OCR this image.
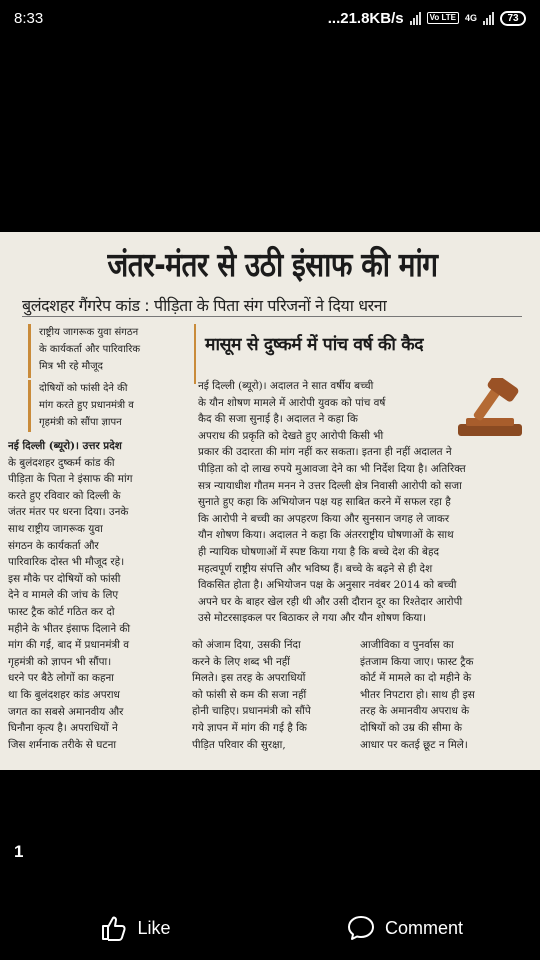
8:33	...21.8KB/s	Vo LTE	4G	73
जंतर-मंतर से उठी इंसाफ की मांग
बुलंदशहर गैंगरेप कांड : पीड़िता के पिता संग परिजनों ने दिया धरना
राष्ट्रीय जागरूक युवा संगठन
के कार्यकर्ता और पारिवारिक
मित्र भी रहे मौजूद
दोषियों को फांसी देने की
मांग करते हुए प्रधानमंत्री व
गृहमंत्री को सौंपा ज्ञापन
मासूम से दुष्कर्म में पांच वर्ष की कैद
नई दिल्ली (ब्यूरो)। उत्तर प्रदेश
के बुलंदशहर दुष्कर्म कांड की
पीड़िता के पिता ने इंसाफ की मांग
करते हुए रविवार को दिल्ली के
जंतर मंतर पर धरना दिया। उनके
साथ राष्ट्रीय जागरूक युवा
संगठन के कार्यकर्ता और
पारिवारिक दोस्त भी मौजूद रहे।
इस मौके पर दोषियों को फांसी
देने व मामले की जांच के लिए
फास्ट ट्रैक कोर्ट गठित कर दो
महीने के भीतर इंसाफ दिलाने की
मांग की गई, बाद में प्रधानमंत्री व
गृहमंत्री को ज्ञापन भी सौंपा।
धरने पर बैठे लोगों का कहना
था कि बुलंदशहर कांड अपराध
जगत का सबसे अमानवीय और
घिनौना कृत्य है। अपराधियों ने
जिस शर्मनाक तरीके से घटना
नई दिल्ली (ब्यूरो)। अदालत ने सात वर्षीय बच्ची
के यौन शोषण मामले में आरोपी युवक को पांच वर्ष
कैद की सजा सुनाई है। अदालत ने कहा कि
अपराध की प्रकृति को देखते हुए आरोपी किसी भी
प्रकार की उदारता की मांग नहीं कर सकता। इतना ही नहीं अदालत ने
पीड़िता को दो लाख रुपये मुआवजा देने का भी निर्देश दिया है। अतिरिक्त
सत्र न्यायाधीश गौतम मनन ने उत्तर दिल्ली क्षेत्र निवासी आरोपी को सजा
सुनाते हुए कहा कि अभियोजन पक्ष यह साबित करने में सफल रहा है
कि आरोपी ने बच्ची का अपहरण किया और सुनसान जगह ले जाकर
यौन शोषण किया। अदालत ने कहा कि अंतरराष्ट्रीय घोषणाओं के साथ
ही न्यायिक घोषणाओं में स्पष्ट किया गया है कि बच्चे देश की बेहद
महत्वपूर्ण राष्ट्रीय संपत्ति और भविष्य हैं। बच्चे के बढ़ने से ही देश
विकसित होता है। अभियोजन पक्ष के अनुसार नवंबर 2014 को बच्ची
अपने घर के बाहर खेल रही थी और उसी दौरान दूर का रिश्तेदार आरोपी
उसे मोटरसाइकल पर बिठाकर ले गया और यौन शोषण किया।
को अंजाम दिया, उसकी निंदा
करने के लिए शब्द भी नहीं
मिलते। इस तरह के अपराधियों
को फांसी से कम की सजा नहीं
होनी चाहिए। प्रधानमंत्री को सौंपे
गये ज्ञापन में मांग की गई है कि
पीड़ित परिवार की सुरक्षा,
आजीविका व पुनर्वास का
इंतजाम किया जाए। फास्ट ट्रैक
कोर्ट में मामले का दो महीने के
भीतर निपटारा हो। साथ ही इस
तरह के अमानवीय अपराध के
दोषियों को उम्र की सीमा के
आधार पर कतई छूट न मिले।
1
Like	Comment
